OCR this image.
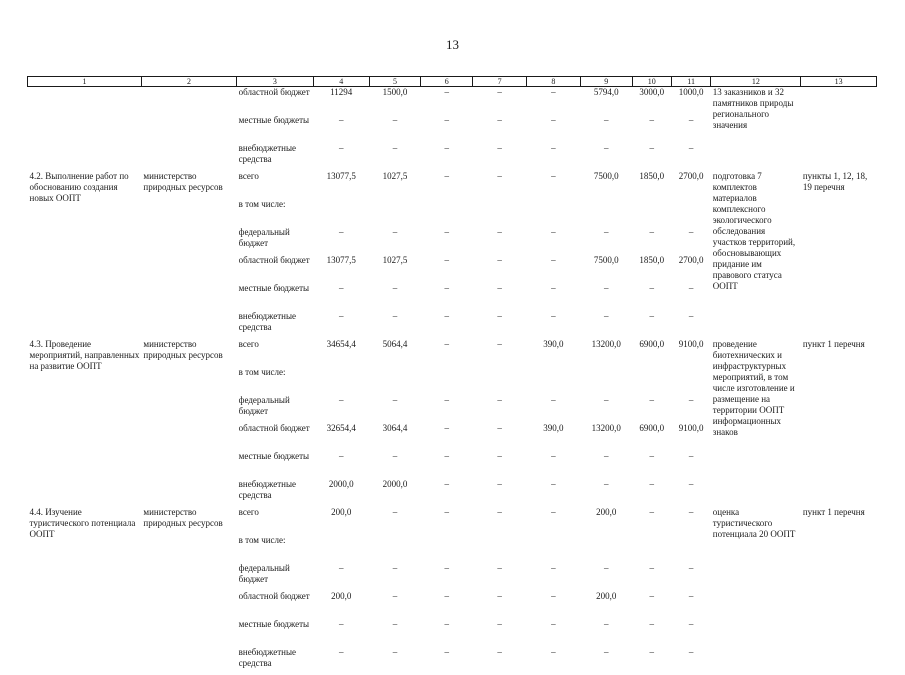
13
1	2	3	4	5	6	7	8	9	10	11	12	13
		областной бюджет	11294	1500,0	–	–	–	5794,0	3000,0	1000,0	13 заказников и 32 памятников природы регионального значения	
		местные бюджеты	–	–	–	–	–	–	–	–		
		внебюджетные средства	–	–	–	–	–	–	–	–		
4.2. Выполнение работ по обоснованию создания новых ООПТ	министерство природных ресурсов	всего	13077,5	1027,5	–	–	–	7500,0	1850,0	2700,0	подготовка 7 комплектов материалов комплексного экологического обследования участков территорий, обосновывающих придание им правового статуса ООПТ	пункты 1, 12, 18, 19 перечня
		в том числе:										
		федеральный бюджет	–	–	–	–	–	–	–	–		
		областной бюджет	13077,5	1027,5	–	–	–	7500,0	1850,0	2700,0		
		местные бюджеты	–	–	–	–	–	–	–	–		
		внебюджетные средства	–	–	–	–	–	–	–	–		
4.3. Проведение мероприятий, направленных на развитие ООПТ	министерство природных ресурсов	всего	34654,4	5064,4	–	–	390,0	13200,0	6900,0	9100,0	проведение биотехнических и инфраструктурных мероприятий, в том числе изготовление и размещение на территории ООПТ информационных знаков	пункт 1 перечня
		в том числе:										
		федеральный бюджет	–	–	–	–	–	–	–	–		
		областной бюджет	32654,4	3064,4	–	–	390,0	13200,0	6900,0	9100,0		
		местные бюджеты	–	–	–	–	–	–	–	–		
		внебюджетные средства	2000,0	2000,0	–	–	–	–	–	–		
4.4. Изучение туристического потенциала ООПТ	министерство природных ресурсов	всего	200,0	–	–	–	–	200,0	–	–	оценка туристического потенциала 20 ООПТ	пункт 1 перечня
		в том числе:										
		федеральный бюджет	–	–	–	–	–	–	–	–		
		областной бюджет	200,0	–	–	–	–	200,0	–	–		
		местные бюджеты	–	–	–	–	–	–	–	–		
		внебюджетные средства	–	–	–	–	–	–	–	–		
